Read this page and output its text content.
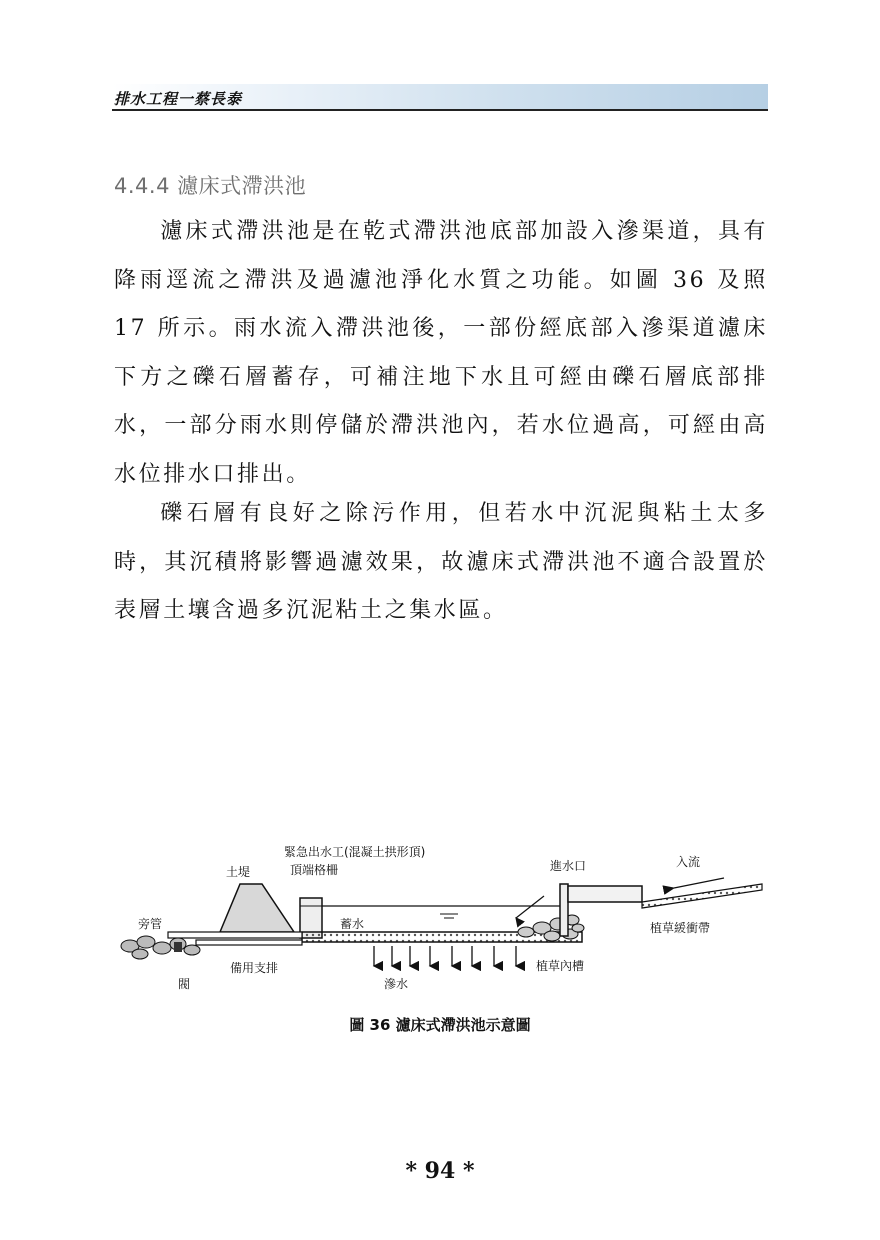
排水工程一蔡長泰
4.4.4 濾床式滯洪池

濾床式滯洪池是在乾式滯洪池底部加設入滲渠道，具有降雨逕流之滯洪及過濾池淨化水質之功能。如圖 36 及照 17 所示。雨水流入滯洪池後，一部份經底部入滲渠道濾床下方之礫石層蓄存，可補注地下水且可經由礫石層底部排水，一部分雨水則停儲於滯洪池內，若水位過高，可經由高水位排水口排出。

礫石層有良好之除污作用，但若水中沉泥與粘土太多時，其沉積將影響過濾效果，故濾床式滯洪池不適合設置於表層土壤含過多沉泥粘土之集水區。

緊急出水工(混凝土拱形頂)
頂端格柵
土堤	進水口	入流
旁管	蓄水	植草緩衝帶
備用支排
閥	滲水
植草內槽
圖 36 濾床式滯洪池示意圖
* 94 *
